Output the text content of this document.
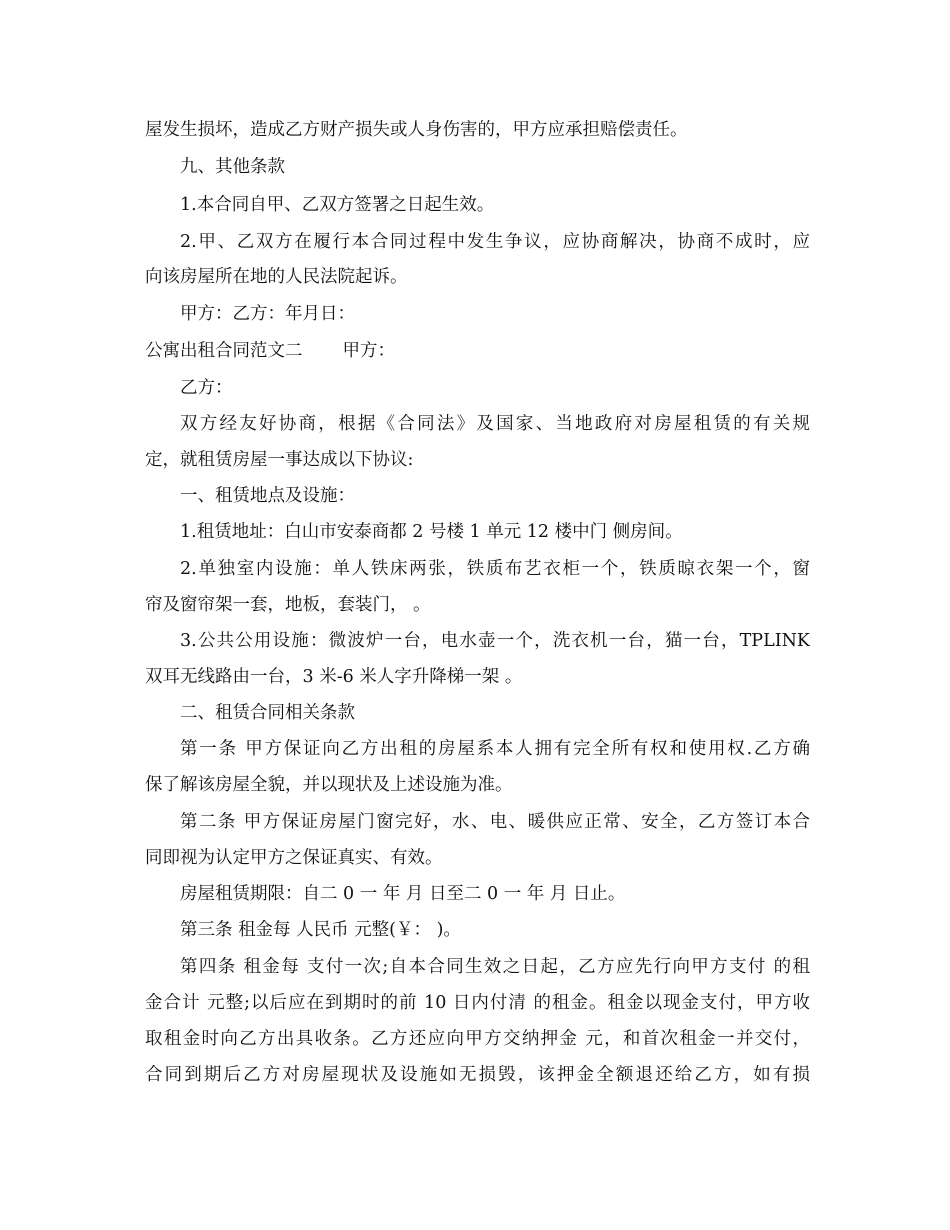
屋发生损坏，造成乙方财产损失或人身伤害的，甲方应承担赔偿责任。
九、其他条款
1.本合同自甲、乙双方签署之日起生效。
2.甲、乙双方在履行本合同过程中发生争议，应协商解决，协商不成时，应
向该房屋所在地的人民法院起诉。
甲方：乙方：年月日：
公寓出租合同范文二 甲方：
乙方：
双方经友好协商，根据《合同法》及国家、当地政府对房屋租赁的有关规
定，就租赁房屋一事达成以下协议:
一、租赁地点及设施：
1.租赁地址：白山市安泰商都 2 号楼 1 单元 12 楼中门 侧房间。
2.单独室内设施：单人铁床两张，铁质布艺衣柜一个，铁质晾衣架一个，窗
帘及窗帘架一套，地板，套装门， 。
3.公共公用设施：微波炉一台，电水壶一个，洗衣机一台，猫一台，TPLINK
双耳无线路由一台，3 米-6 米人字升降梯一架 。
二、租赁合同相关条款
第一条 甲方保证向乙方出租的房屋系本人拥有完全所有权和使用权.乙方确
保了解该房屋全貌，并以现状及上述设施为准。
第二条 甲方保证房屋门窗完好，水、电、暖供应正常、安全，乙方签订本合
同即视为认定甲方之保证真实、有效。
房屋租赁期限：自二 0 一 年 月 日至二 0 一 年 月 日止。
第三条 租金每 人民币 元整(￥： )。
第四条 租金每 支付一次;自本合同生效之日起，乙方应先行向甲方支付 的租
金合计 元整;以后应在到期时的前 10 日内付清 的租金。租金以现金支付，甲方收
取租金时向乙方出具收条。乙方还应向甲方交纳押金 元，和首次租金一并交付，
合同到期后乙方对房屋现状及设施如无损毁，该押金全额退还给乙方，如有损
